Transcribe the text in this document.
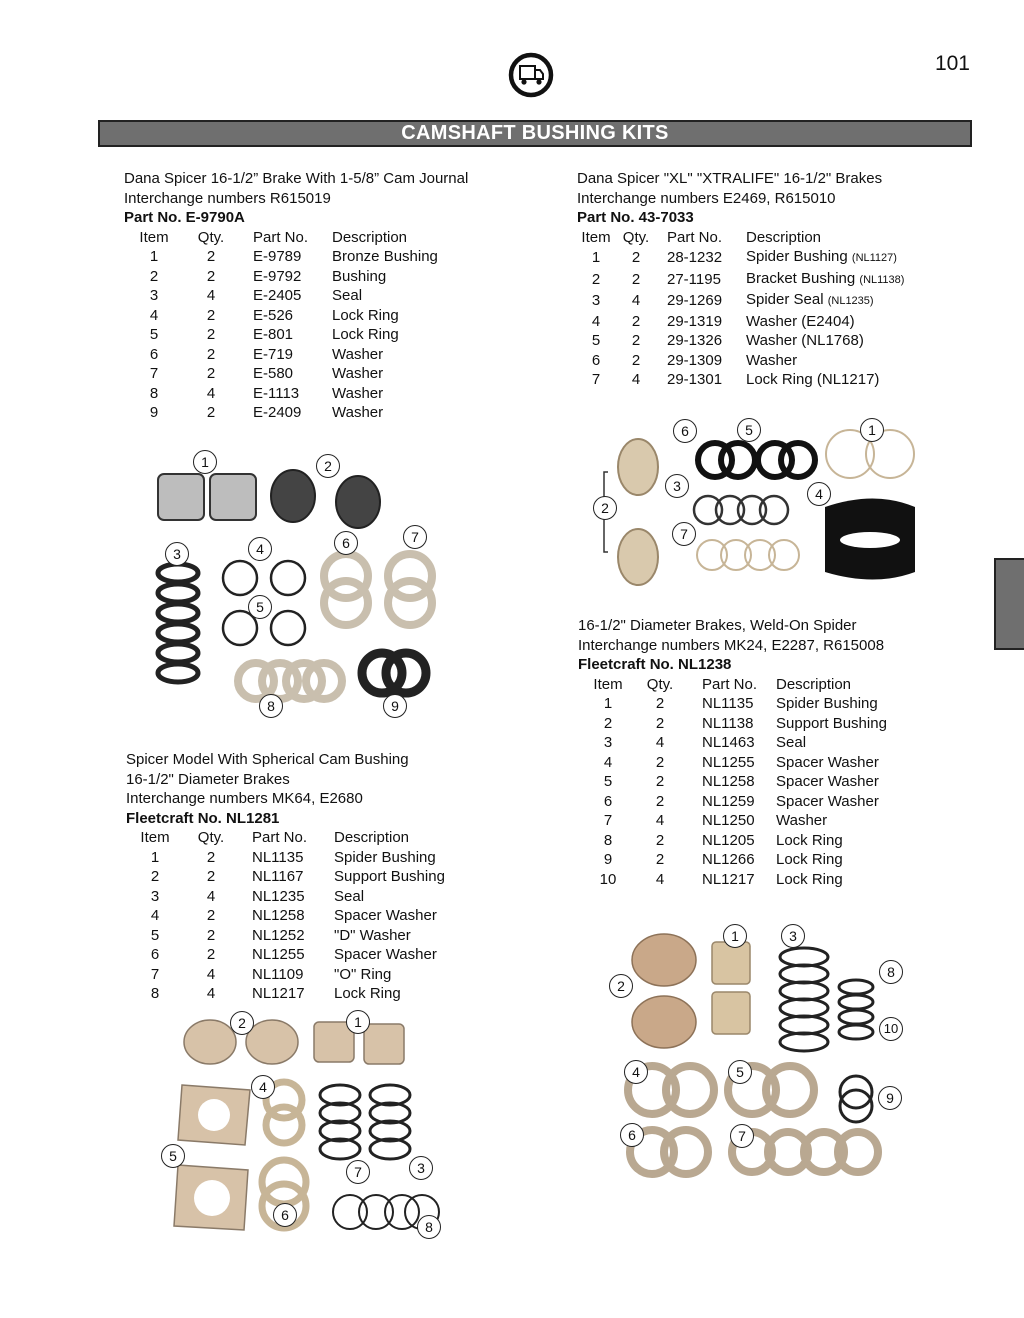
101
CAMSHAFT BUSHING KITS
Dana Spicer 16-1/2” Brake With 1-5/8” Cam Journal
Interchange numbers R615019
Part No. E-9790A
Item	Qty.	Part No.	Description
1	2	E-9789	Bronze Bushing
2	2	E-9792	Bushing
3	4	E-2405	Seal
4	2	E-526	Lock Ring
5	2	E-801	Lock Ring
6	2	E-719	Washer
7	2	E-580	Washer
8	4	E-1113	Washer
9	2	E-2409	Washer
1	2
3	4
5
6	7
8	9
Spicer Model With Spherical Cam Bushing
16-1/2" Diameter Brakes
Interchange numbers MK64, E2680
Fleetcraft No. NL1281
Item	Qty.	Part No.	Description
1	2	NL1135	Spider Bushing
2	2	NL1167	Support Bushing
3	4	NL1235	Seal
4	2	NL1258	Spacer Washer
5	2	NL1252	"D" Washer
6	2	NL1255	Spacer Washer
7	4	NL1109	"O" Ring
8	4	NL1217	Lock Ring
1
2
3
4
5
6
7
8
Dana Spicer "XL" "XTRALIFE" 16-1/2" Brakes
Interchange numbers E2469, R615010
Part No. 43-7033
Item	Qty.	Part No.	Description
1	2	28-1232	Spider Bushing (NL1127)
2	2	27-1195	Bracket Bushing (NL1138)
3	4	29-1269	Spider Seal (NL1235)
4	2	29-1319	Washer (E2404)
5	2	29-1326	Washer (NL1768)
6	2	29-1309	Washer
7	4	29-1301	Lock Ring (NL1217)
1
2
3	4
5
6
7
16-1/2" Diameter Brakes, Weld-On Spider
Interchange numbers MK24, E2287, R615008
Fleetcraft No. NL1238
Item	Qty.	Part No.	Description
1	2	NL1135	Spider Bushing
2	2	NL1138	Support Bushing
3	4	NL1463	Seal
4	2	NL1255	Spacer Washer
5	2	NL1258	Spacer Washer
6	2	NL1259	Spacer Washer
7	4	NL1250	Washer
8	2	NL1205	Lock Ring
9	2	NL1266	Lock Ring
10	4	NL1217	Lock Ring
1
2
3
4	5
6	7
8
9
10
